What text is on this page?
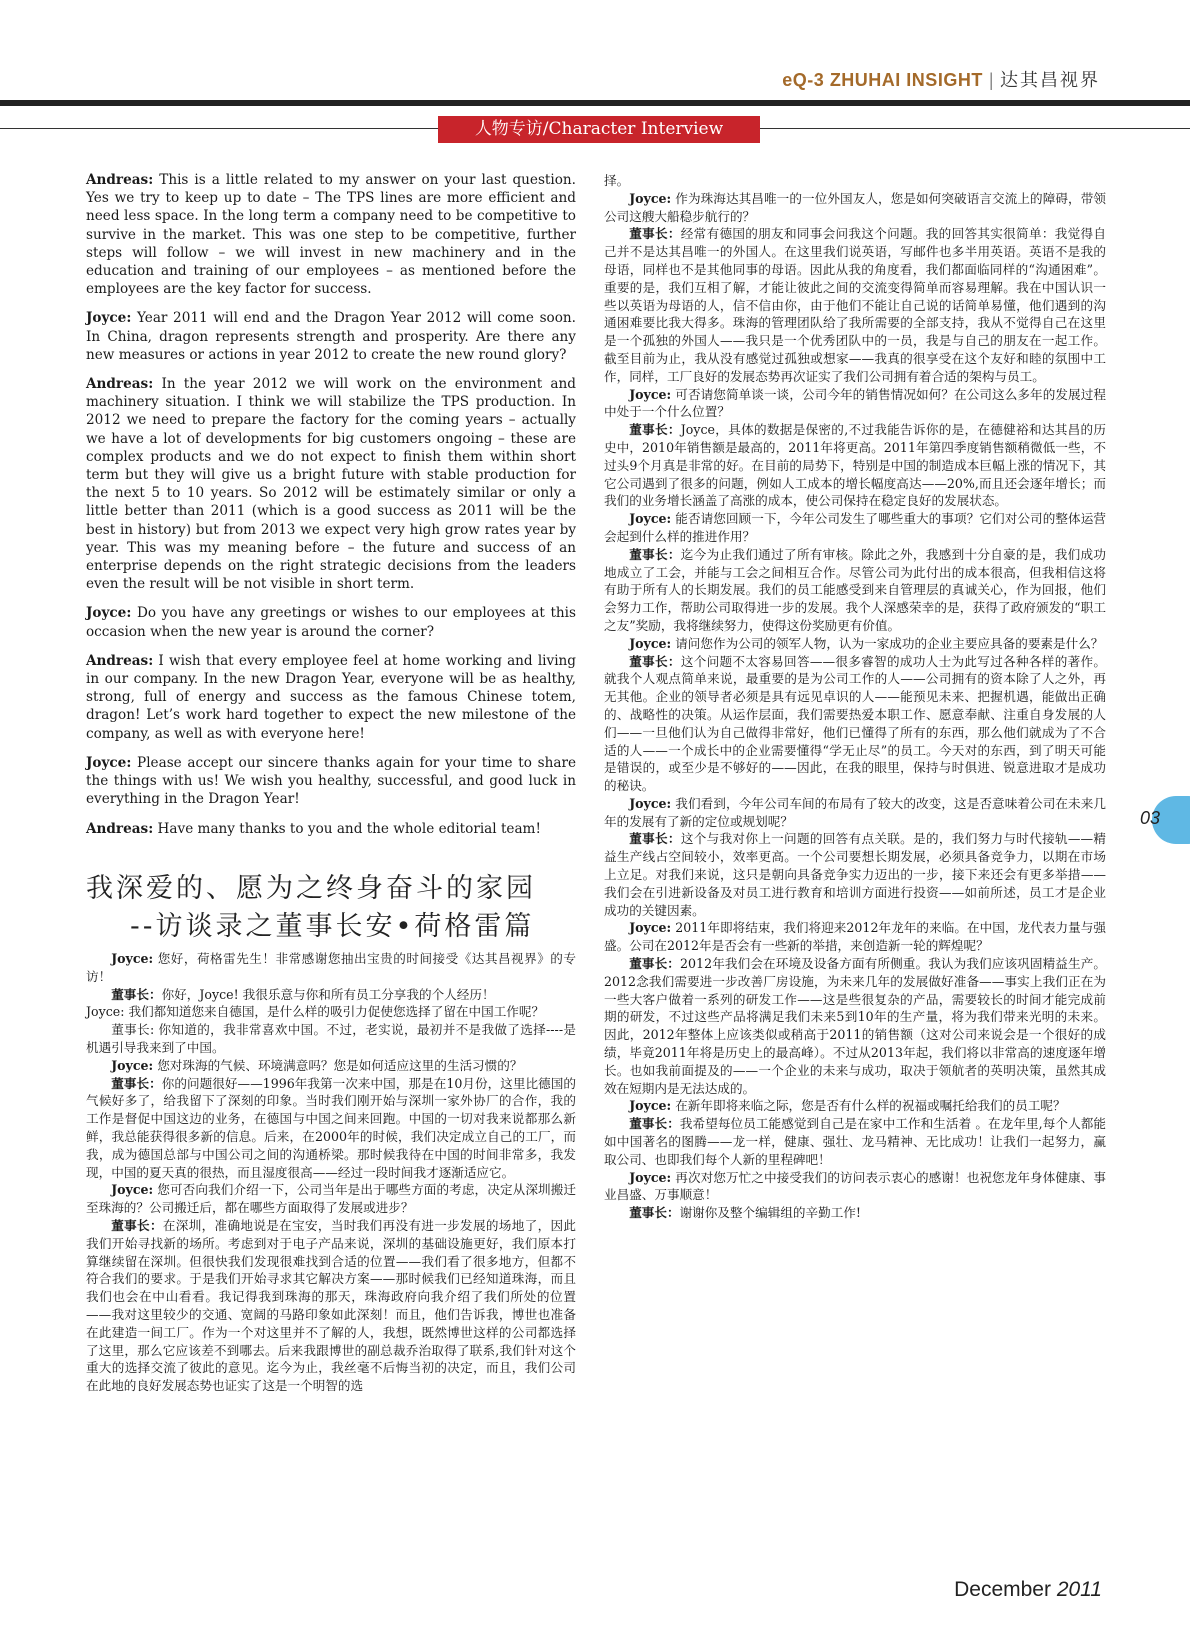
eQ-3 ZHUHAI INSIGHT | 达其昌视界
人物专访/Character Interview

Andreas: This is a little related to my answer on your last question. Yes we try to keep up to date – The TPS lines are more efficient and need less space. In the long term a company need to be competitive to survive in the market. This was one step to be competitive, further steps will follow – we will invest in new machinery and in the education and training of our employees – as mentioned before the employees are the key factor for success.

Joyce: Year 2011 will end and the Dragon Year 2012 will come soon. In China, dragon represents strength and prosperity. Are there any new measures or actions in year 2012 to create the new round glory?

Andreas: In the year 2012 we will work on the environment and machinery situation. I think we will stabilize the TPS production. In 2012 we need to prepare the factory for the coming years – actually we have a lot of developments for big customers ongoing – these are complex products and we do not expect to finish them within short term but they will give us a bright future with stable production for the next 5 to 10 years. So 2012 will be estimately similar or only a little better than 2011 (which is a good success as 2011 will be the best in history) but from 2013 we expect very high grow rates year by year. This was my meaning before – the future and success of an enterprise depends on the right strategic decisions from the leaders even the result will be not visible in short term.

Joyce: Do you have any greetings or wishes to our employees at this occasion when the new year is around the corner?

Andreas: I wish that every employee feel at home working and living in our company. In the new Dragon Year, everyone will be as healthy, strong, full of energy and success as the famous Chinese totem, dragon! Let’s work hard together to expect the new milestone of the company, as well as with everyone here!

Joyce: Please accept our sincere thanks again for your time to share the things with us! We wish you healthy, successful, and good luck in everything in the Dragon Year!

Andreas: Have many thanks to you and the whole editorial team!

我深爱的、愿为之终身奋斗的家园
--访谈录之董事长安•荷格雷篇

Joyce: 您好，荷格雷先生！非常感谢您抽出宝贵的时间接受《达其昌视界》的专访！

董事长：你好，Joyce! 我很乐意与你和所有员工分享我的个人经历！

Joyce: 我们都知道您来自德国，是什么样的吸引力促使您选择了留在中国工作呢？

董事长: 你知道的，我非常喜欢中国。不过，老实说，最初并不是我做了选择----是机遇引导我来到了中国。

Joyce: 您对珠海的气候、环境满意吗？您是如何适应这里的生活习惯的？

董事长：你的问题很好——1996年我第一次来中国，那是在10月份，这里比德国的气候好多了，给我留下了深刻的印象。当时我们刚开始与深圳一家外协厂的合作，我的工作是督促中国这边的业务，在德国与中国之间来回跑。中国的一切对我来说都那么新鲜，我总能获得很多新的信息。后来，在2000年的时候，我们决定成立自己的工厂，而我，成为德国总部与中国公司之间的沟通桥梁。那时候我待在中国的时间非常多，我发现，中国的夏天真的很热，而且湿度很高——经过一段时间我才逐渐适应它。

Joyce: 您可否向我们介绍一下，公司当年是出于哪些方面的考虑，决定从深圳搬迁至珠海的？公司搬迁后，都在哪些方面取得了发展或进步？

董事长：在深圳，准确地说是在宝安，当时我们再没有进一步发展的场地了，因此我们开始寻找新的场所。考虑到对于电子产品来说，深圳的基础设施更好，我们原本打算继续留在深圳。但很快我们发现很难找到合适的位置——我们看了很多地方，但都不符合我们的要求。于是我们开始寻求其它解决方案——那时候我们已经知道珠海，而且我们也会在中山看看。我记得我到珠海的那天，珠海政府向我介绍了我们所处的位置——我对这里较少的交通、宽阔的马路印象如此深刻！而且，他们告诉我，博世也准备在此建造一间工厂。作为一个对这里并不了解的人，我想，既然博世这样的公司都选择了这里，那么它应该差不到哪去。后来我跟博世的副总裁乔治取得了联系,我们针对这个重大的选择交流了彼此的意见。迄今为止，我丝毫不后悔当初的决定，而且，我们公司在此地的良好发展态势也证实了这是一个明智的选

择。

Joyce: 作为珠海达其昌唯一的一位外国友人，您是如何突破语言交流上的障碍，带领公司这艘大船稳步航行的？

董事长：经常有德国的朋友和同事会问我这个问题。我的回答其实很简单：我觉得自己并不是达其昌唯一的外国人。在这里我们说英语，写邮件也多半用英语。英语不是我的母语，同样也不是其他同事的母语。因此从我的角度看，我们都面临同样的“沟通困难”。重要的是，我们互相了解，才能让彼此之间的交流变得简单而容易理解。我在中国认识一些以英语为母语的人，信不信由你，由于他们不能让自己说的话简单易懂，他们遇到的沟通困难要比我大得多。珠海的管理团队给了我所需要的全部支持，我从不觉得自己在这里是一个孤独的外国人——我只是一个优秀团队中的一员，我是与自己的朋友在一起工作。截至目前为止，我从没有感觉过孤独或想家——我真的很享受在这个友好和睦的氛围中工作，同样，工厂良好的发展态势再次证实了我们公司拥有着合适的架构与员工。

Joyce: 可否请您简单谈一谈，公司今年的销售情况如何？在公司这么多年的发展过程中处于一个什么位置？

董事长：Joyce，具体的数据是保密的,不过我能告诉你的是，在德健裕和达其昌的历史中，2010年销售额是最高的，2011年将更高。2011年第四季度销售额稍微低一些，不过头9个月真是非常的好。在目前的局势下，特别是中国的制造成本巨幅上涨的情况下，其它公司遇到了很多的问题，例如人工成本的增长幅度高达——20%,而且还会逐年增长；而我们的业务增长涵盖了高涨的成本，使公司保持在稳定良好的发展状态。

Joyce: 能否请您回顾一下，今年公司发生了哪些重大的事项？它们对公司的整体运营会起到什么样的推进作用？

董事长：迄今为止我们通过了所有审核。除此之外，我感到十分自豪的是，我们成功地成立了工会，并能与工会之间相互合作。尽管公司为此付出的成本很高，但我相信这将有助于所有人的长期发展。我们的员工能感受到来自管理层的真诚关心，作为回报，他们会努力工作，帮助公司取得进一步的发展。我个人深感荣幸的是，获得了政府颁发的“职工之友”奖励，我将继续努力，使得这份奖励更有价值。

Joyce: 请问您作为公司的领军人物，认为一家成功的企业主要应具备的要素是什么？

董事长：这个问题不太容易回答——很多睿智的成功人士为此写过各种各样的著作。就我个人观点简单来说，最重要的是为公司工作的人——公司拥有的资本除了人之外，再无其他。企业的领导者必须是具有远见卓识的人——能预见未来、把握机遇，能做出正确的、战略性的决策。从运作层面，我们需要热爱本职工作、愿意奉献、注重自身发展的人们——一旦他们认为自己做得非常好，他们已懂得了所有的东西，那么他们就成为了不合适的人——一个成长中的企业需要懂得“学无止尽”的员工。今天对的东西，到了明天可能是错误的，或至少是不够好的——因此，在我的眼里，保持与时俱进、锐意进取才是成功的秘诀。

Joyce: 我们看到，今年公司车间的布局有了较大的改变，这是否意味着公司在未来几年的发展有了新的定位或规划呢？

董事长：这个与我对你上一问题的回答有点关联。是的，我们努力与时代接轨——精益生产线占空间较小，效率更高。一个公司要想长期发展，必须具备竞争力，以期在市场上立足。对我们来说，这只是朝向具备竞争实力迈出的一步，接下来还会有更多举措——我们会在引进新设备及对员工进行教育和培训方面进行投资——如前所述，员工才是企业成功的关键因素。

Joyce: 2011年即将结束，我们将迎来2012年龙年的来临。在中国，龙代表力量与强盛。公司在2012年是否会有一些新的举措，来创造新一轮的辉煌呢？

董事长：2012年我们会在环境及设备方面有所侧重。我认为我们应该巩固精益生产。2012念我们需要进一步改善厂房设施，为未来几年的发展做好准备——事实上我们正在为一些大客户做着一系列的研发工作——这是些很复杂的产品，需要较长的时间才能完成前期的研发，不过这些产品将满足我们未来5到10年的生产量，将为我们带来光明的未来。因此，2012年整体上应该类似或稍高于2011的销售额（这对公司来说会是一个很好的成绩，毕竟2011年将是历史上的最高峰）。不过从2013年起，我们将以非常高的速度逐年增长。也如我前面提及的——一个企业的未来与成功，取决于领航者的英明决策，虽然其成效在短期内是无法达成的。

Joyce: 在新年即将来临之际，您是否有什么样的祝福或嘱托给我们的员工呢？

董事长：我希望每位员工能感觉到自己是在家中工作和生活着 。在龙年里,每个人都能如中国著名的图腾——龙一样，健康、强壮、龙马精神、无比成功！让我们一起努力，赢取公司、也即我们每个人新的里程碑吧！

Joyce: 再次对您万忙之中接受我们的访问表示衷心的感谢！也祝您龙年身体健康、事业昌盛、万事顺意！

董事长：谢谢你及整个编辑组的辛勤工作!

03
December 2011
